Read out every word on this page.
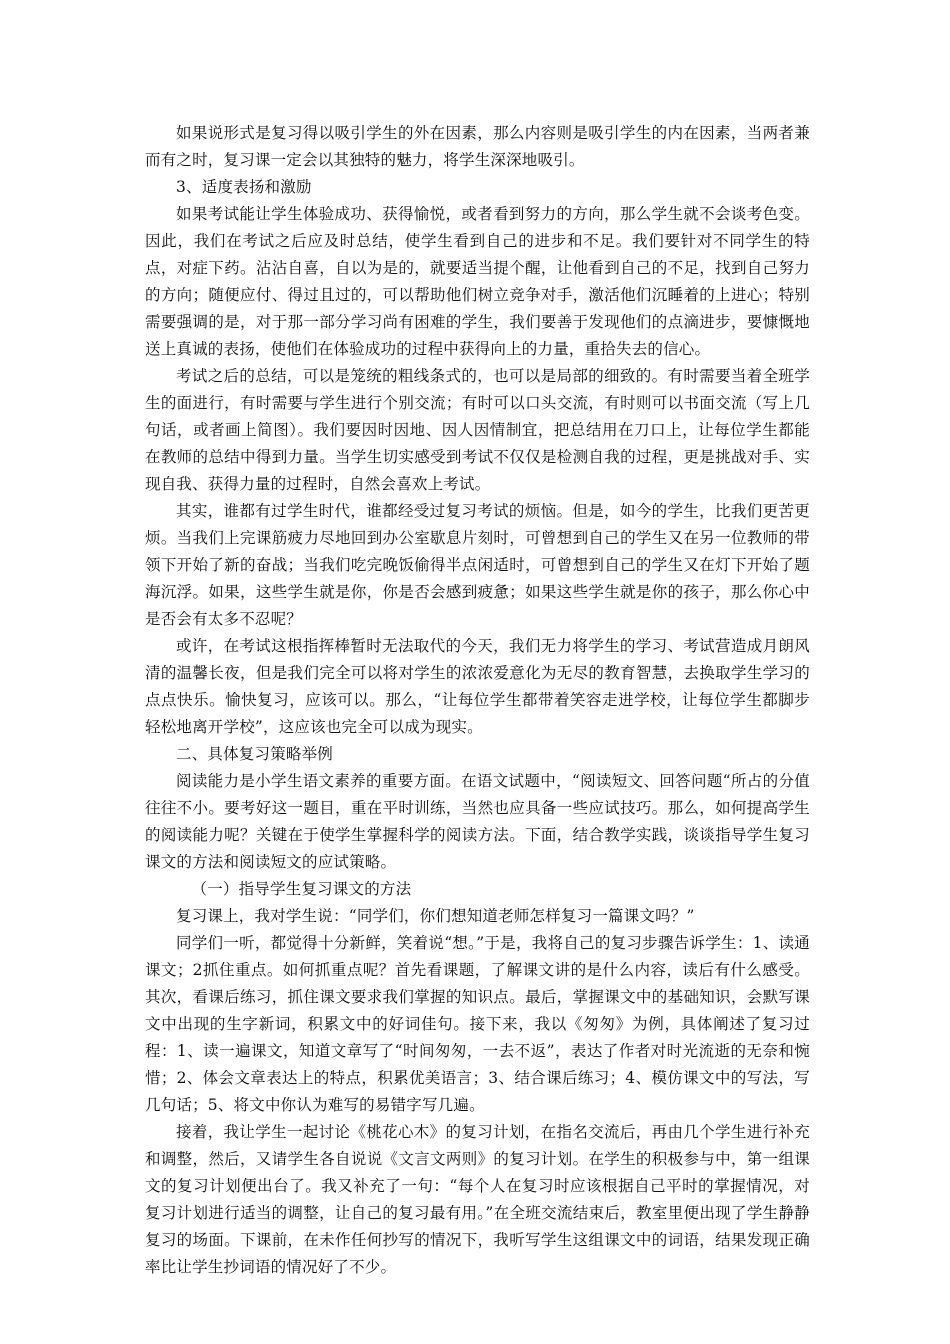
如果说形式是复习得以吸引学生的外在因素，那么内容则是吸引学生的内在因素，当两者兼而有之时，复习课一定会以其独特的魅力，将学生深深地吸引。

3、适度表扬和激励

如果考试能让学生体验成功、获得愉悦，或者看到努力的方向，那么学生就不会谈考色变。因此，我们在考试之后应及时总结，使学生看到自己的进步和不足。我们要针对不同学生的特点，对症下药。沾沾自喜，自以为是的，就要适当提个醒，让他看到自己的不足，找到自己努力的方向；随便应付、得过且过的，可以帮助他们树立竞争对手，激活他们沉睡着的上进心；特别需要强调的是，对于那一部分学习尚有困难的学生，我们要善于发现他们的点滴进步，要慷慨地送上真诚的表扬，使他们在体验成功的过程中获得向上的力量，重拾失去的信心。

考试之后的总结，可以是笼统的粗线条式的，也可以是局部的细致的。有时需要当着全班学生的面进行，有时需要与学生进行个别交流；有时可以口头交流，有时则可以书面交流（写上几句话，或者画上简图）。我们要因时因地、因人因情制宜，把总结用在刀口上，让每位学生都能在教师的总结中得到力量。当学生切实感受到考试不仅仅是检测自我的过程，更是挑战对手、实现自我、获得力量的过程时，自然会喜欢上考试。

其实，谁都有过学生时代，谁都经受过复习考试的烦恼。但是，如今的学生，比我们更苦更烦。当我们上完课筋疲力尽地回到办公室歇息片刻时，可曾想到自己的学生又在另一位教师的带领下开始了新的奋战；当我们吃完晚饭偷得半点闲适时，可曾想到自己的学生又在灯下开始了题海沉浮。如果，这些学生就是你，你是否会感到疲惫；如果这些学生就是你的孩子，那么你心中是否会有太多不忍呢？

或许，在考试这根指挥棒暂时无法取代的今天，我们无力将学生的学习、考试营造成月朗风清的温馨长夜，但是我们完全可以将对学生的浓浓爱意化为无尽的教育智慧，去换取学生学习的点点快乐。愉快复习，应该可以。那么，“让每位学生都带着笑容走进学校，让每位学生都脚步轻松地离开学校”，这应该也完全可以成为现实。

二、具体复习策略举例

阅读能力是小学生语文素养的重要方面。在语文试题中，“阅读短文、回答问题“所占的分值往往不小。要考好这一题目，重在平时训练，当然也应具备一些应试技巧。那么，如何提高学生的阅读能力呢？关键在于使学生掌握科学的阅读方法。下面，结合教学实践，谈谈指导学生复习课文的方法和阅读短文的应试策略。

（一）指导学生复习课文的方法

复习课上，我对学生说：“同学们，你们想知道老师怎样复习一篇课文吗？”

同学们一听，都觉得十分新鲜，笑着说“想。”于是，我将自己的复习步骤告诉学生：1、读通课文；2抓住重点。如何抓重点呢？首先看课题，了解课文讲的是什么内容，读后有什么感受。其次，看课后练习，抓住课文要求我们掌握的知识点。最后，掌握课文中的基础知识，会默写课文中出现的生字新词，积累文中的好词佳句。接下来，我以《匆匆》为例，具体阐述了复习过程：1、读一遍课文，知道文章写了“时间匆匆，一去不返”，表达了作者对时光流逝的无奈和惋惜；2、体会文章表达上的特点，积累优美语言；3、结合课后练习；4、模仿课文中的写法，写几句话；5、将文中你认为难写的易错字写几遍。

接着，我让学生一起讨论《桃花心木》的复习计划，在指名交流后，再由几个学生进行补充和调整，然后，又请学生各自说说《文言文两则》的复习计划。在学生的积极参与中，第一组课文的复习计划便出台了。我又补充了一句：“每个人在复习时应该根据自己平时的掌握情况，对复习计划进行适当的调整，让自己的复习最有用。”在全班交流结束后，教室里便出现了学生静静复习的场面。下课前，在未作任何抄写的情况下，我听写学生这组课文中的词语，结果发现正确率比让学生抄词语的情况好了不少。
